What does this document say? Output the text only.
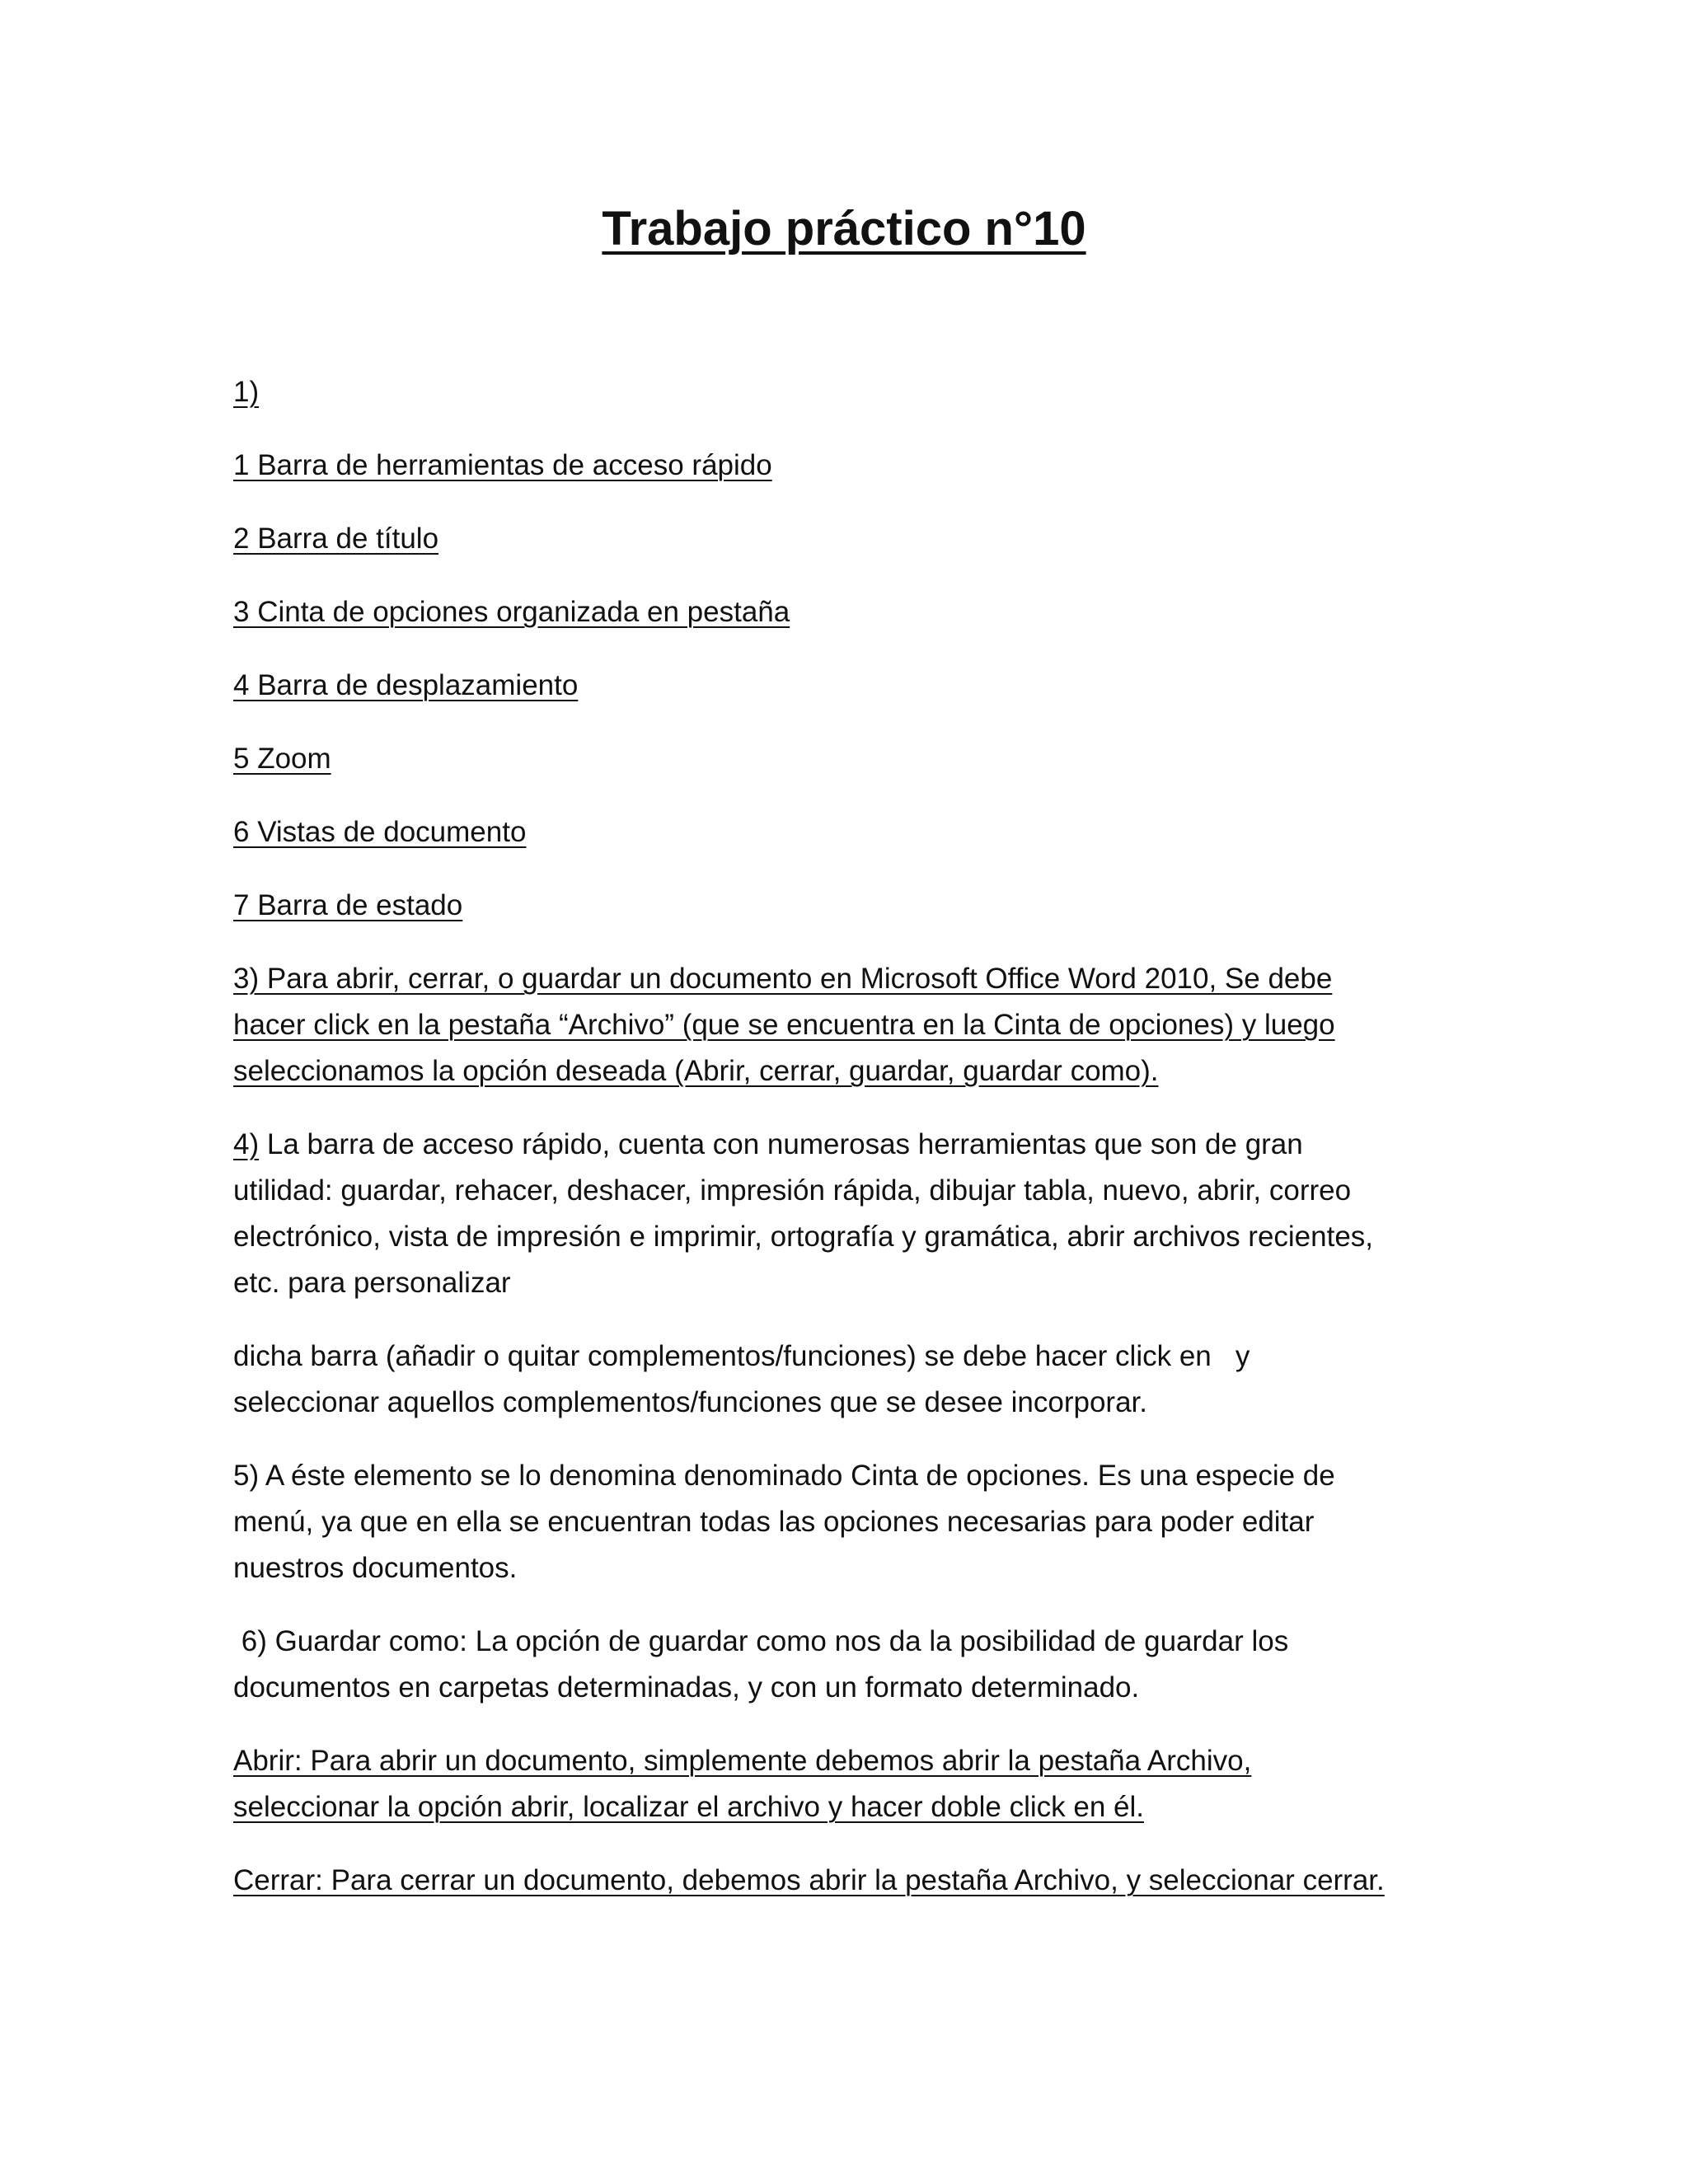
Trabajo práctico n°10

1)

1 Barra de herramientas de acceso rápido

2 Barra de título

3 Cinta de opciones organizada en pestaña

4 Barra de desplazamiento

5 Zoom

6 Vistas de documento

7 Barra de estado

3) Para abrir, cerrar, o guardar un documento en Microsoft Office Word 2010, Se debe
hacer click en la pestaña “Archivo” (que se encuentra en la Cinta de opciones) y luego
seleccionamos la opción deseada (Abrir, cerrar, guardar, guardar como).
4) La barra de acceso rápido, cuenta con numerosas herramientas que son de gran
utilidad: guardar, rehacer, deshacer, impresión rápida, dibujar tabla, nuevo, abrir, correo
electrónico, vista de impresión e imprimir, ortografía y gramática, abrir archivos recientes,
etc. para personalizar
dicha barra (añadir o quitar complementos/funciones) se debe hacer click en   y
seleccionar aquellos complementos/funciones que se desee incorporar.
5) A éste elemento se lo denomina denominado Cinta de opciones. Es una especie de
menú, ya que en ella se encuentran todas las opciones necesarias para poder editar
nuestros documentos.
6) Guardar como: La opción de guardar como nos da la posibilidad de guardar los
documentos en carpetas determinadas, y con un formato determinado.
Abrir: Para abrir un documento, simplemente debemos abrir la pestaña Archivo,
seleccionar la opción abrir, localizar el archivo y hacer doble click en él.
Cerrar: Para cerrar un documento, debemos abrir la pestaña Archivo, y seleccionar cerrar.
